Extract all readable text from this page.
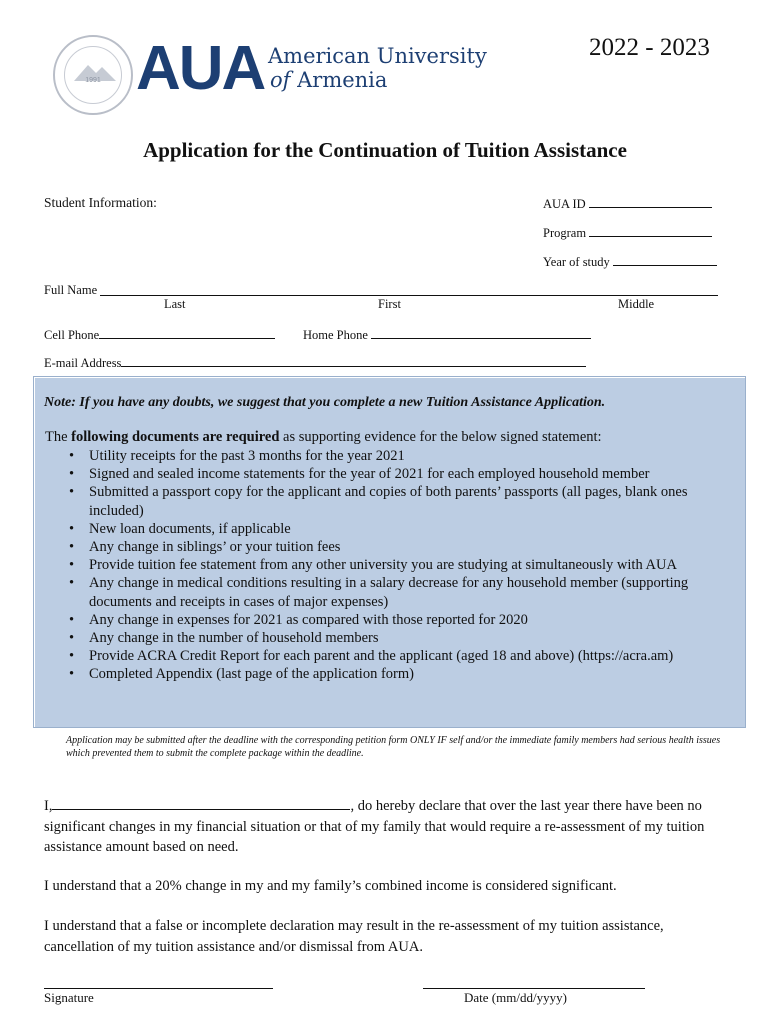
1991 AUA American University
of Armenia
2022 - 2023
Application for the Continuation of Tuition Assistance
Student Information:	AUA ID
Program
Year of study
Full Name
Last	First	Middle
Cell Phone	Home Phone
E-mail Address
Note: If you have any doubts, we suggest that you complete a new Tuition Assistance Application.
The following documents are required as supporting evidence for the below signed statement:
• Utility receipts for the past 3 months for the year 2021
• Signed and sealed income statements for the year of 2021 for each employed household member
• Submitted a passport copy for the applicant and copies of both parents’ passports (all pages, blank ones included)
• New loan documents, if applicable
• Any change in siblings’ or your tuition fees
• Provide tuition fee statement from any other university you are studying at simultaneously with AUA
• Any change in medical conditions resulting in a salary decrease for any household member (supporting documents and receipts in cases of major expenses)
• Any change in expenses for 2021 as compared with those reported for 2020
• Any change in the number of household members
• Provide ACRA Credit Report for each parent and the applicant (aged 18 and above) (https://acra.am)
• Completed Appendix (last page of the application form)
Application may be submitted after the deadline with the corresponding petition form ONLY IF self and/or the immediate family members had serious health issues which prevented them to submit the complete package within the deadline.
I,	, do hereby declare that over the last year there have been no significant changes in my financial situation or that of my family that would require a re-assessment of my tuition assistance amount based on need.
I understand that a 20% change in my and my family’s combined income is considered significant.
I understand that a false or incomplete declaration may result in the re-assessment of my tuition assistance, cancellation of my tuition assistance and/or dismissal from AUA.
Signature	Date (mm/dd/yyyy)
